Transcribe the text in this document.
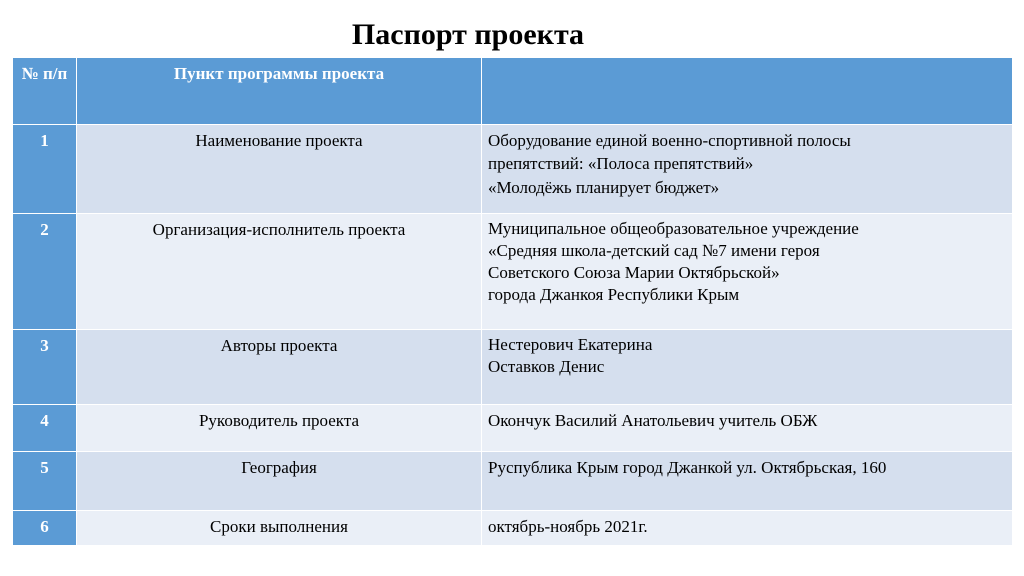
Паспорт проекта
№ п/п	Пункт программы проекта	
1	Наименование проекта	Оборудование единой военно-спортивной полосы
препятствий: «Полоса препятствий»
«Молодёжь планирует бюджет»

2	Организация-исполнитель проекта	Муниципальное общеобразовательное учреждение
«Средняя школа-детский сад №7 имени героя
Советского Союза Марии Октябрьской»
города Джанкоя Республики Крым

3	Авторы проекта	Нестерович Екатерина
Оставков Денис

4	Руководитель проекта	Окончук Василий Анатольевич учитель ОБЖ

5	География	Руспублика Крым город Джанкой ул. Октябрьская, 160

6	Сроки выполнения	октябрь-ноябрь 2021г.
